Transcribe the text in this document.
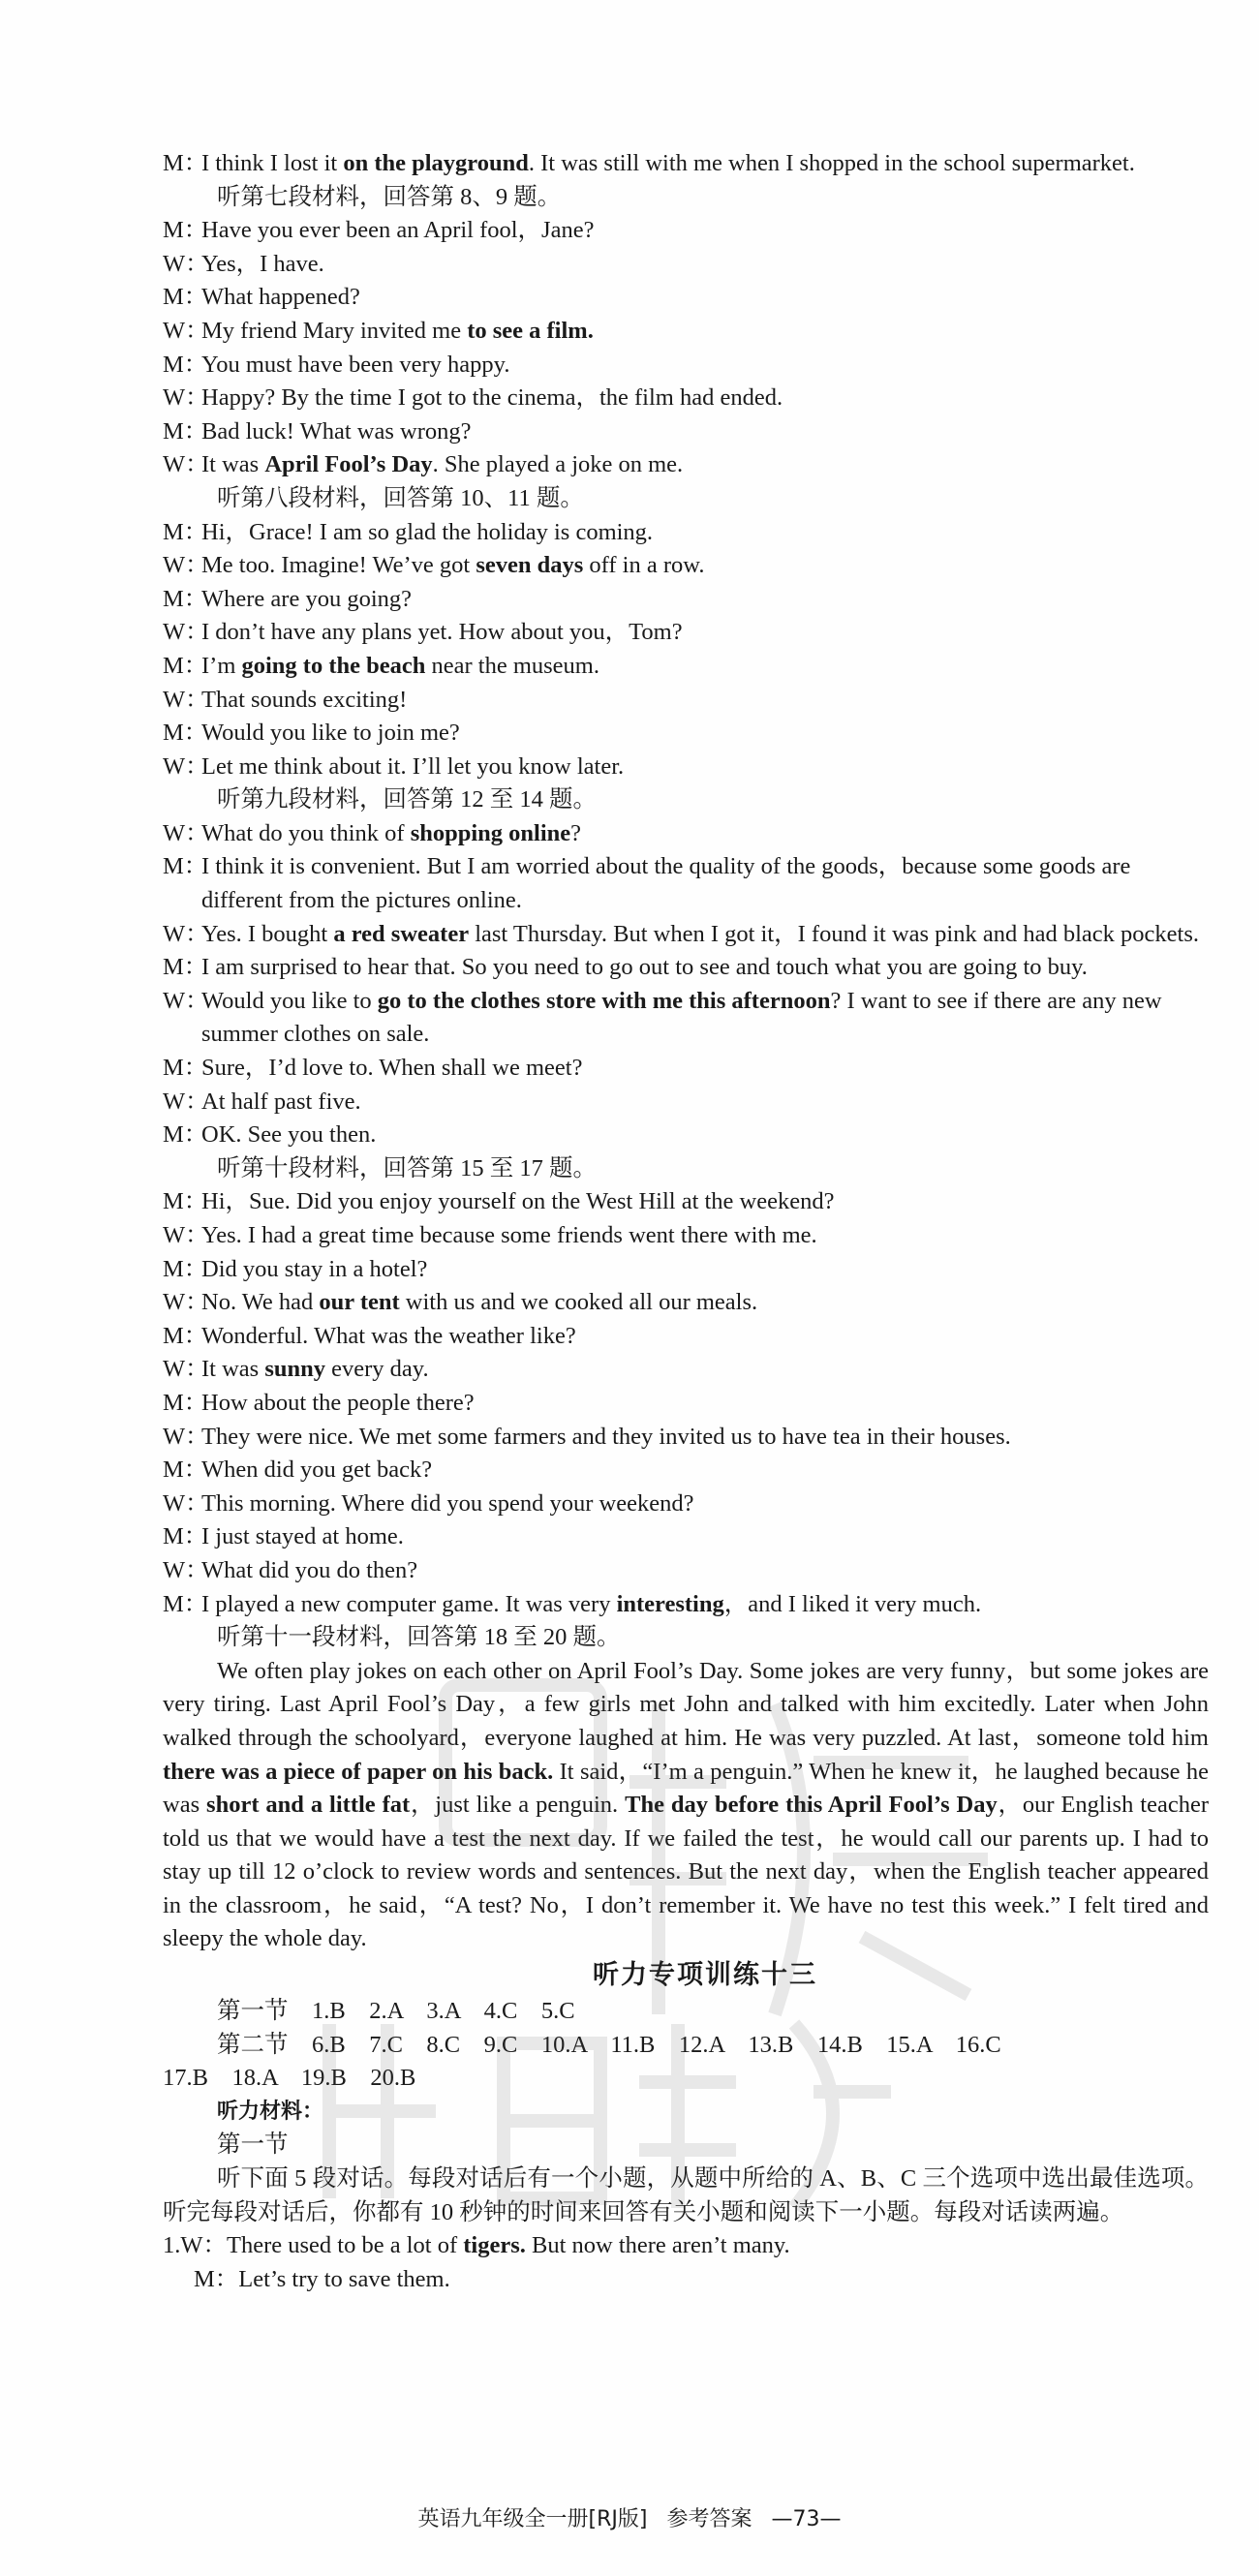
M：I think I lost it on the playground. It was still with me when I shopped in the school supermarket.
听第七段材料，回答第 8、9 题。
M：Have you ever been an April fool，Jane?
W：Yes，I have.
M：What happened?
W：My friend Mary invited me to see a film.
M：You must have been very happy.
W：Happy? By the time I got to the cinema，the film had ended.
M：Bad luck! What was wrong?
W：It was April Fool’s Day. She played a joke on me.
听第八段材料，回答第 10、11 题。
M：Hi，Grace! I am so glad the holiday is coming.
W：Me too. Imagine! We’ve got seven days off in a row.
M：Where are you going?
W：I don’t have any plans yet. How about you，Tom?
M：I’m going to the beach near the museum.
W：That sounds exciting!
M：Would you like to join me?
W：Let me think about it. I’ll let you know later.
听第九段材料，回答第 12 至 14 题。
W：What do you think of shopping online?
M：I think it is convenient. But I am worried about the quality of the goods，because some goods are different from the pictures online.
W：Yes. I bought a red sweater last Thursday. But when I got it，I found it was pink and had black pockets.
M：I am surprised to hear that. So you need to go out to see and touch what you are going to buy.
W：Would you like to go to the clothes store with me this afternoon? I want to see if there are any new summer clothes on sale.
M：Sure，I’d love to. When shall we meet?
W：At half past five.
M：OK. See you then.
听第十段材料，回答第 15 至 17 题。
M：Hi，Sue. Did you enjoy yourself on the West Hill at the weekend?
W：Yes. I had a great time because some friends went there with me.
M：Did you stay in a hotel?
W：No. We had our tent with us and we cooked all our meals.
M：Wonderful. What was the weather like?
W：It was sunny every day.
M：How about the people there?
W：They were nice. We met some farmers and they invited us to have tea in their houses.
M：When did you get back?
W：This morning. Where did you spend your weekend?
M：I just stayed at home.
W：What did you do then?
M：I played a new computer game. It was very interesting，and I liked it very much.
听第十一段材料，回答第 18 至 20 题。
We often play jokes on each other on April Fool’s Day. Some jokes are very funny，but some jokes are very tiring. Last April Fool’s Day，a few girls met John and talked with him excitedly. Later when John walked through the schoolyard，everyone laughed at him. He was very puzzled. At last，someone told him there was a piece of paper on his back. It said，“I’m a penguin.” When he knew it，he laughed because he was short and a little fat，just like a penguin. The day before this April Fool’s Day，our English teacher told us that we would have a test the next day. If we failed the test，he would call our parents up. I had to stay up till 12 o’clock to review words and sentences. But the next day，when the English teacher appeared in the classroom，he said，“A test? No，I don’t remember it. We have no test this week.” I felt tired and sleepy the whole day.
听力专项训练十三
第一节　1.B　2.A　3.A　4.C　5.C
第二节　6.B　7.C　8.C　9.C　10.A　11.B　12.A　13.B　14.B　15.A　16.C
17.B　18.A　19.B　20.B
听力材料：
第一节
听下面 5 段对话。每段对话后有一个小题，从题中所给的 A、B、C 三个选项中选出最佳选项。听完每段对话后，你都有 10 秒钟的时间来回答有关小题和阅读下一小题。每段对话读两遍。
1.W：There used to be a lot of tigers. But now there aren’t many.
M：Let’s try to save them.
英语九年级全一册[RJ版] 参考答案 —73—
